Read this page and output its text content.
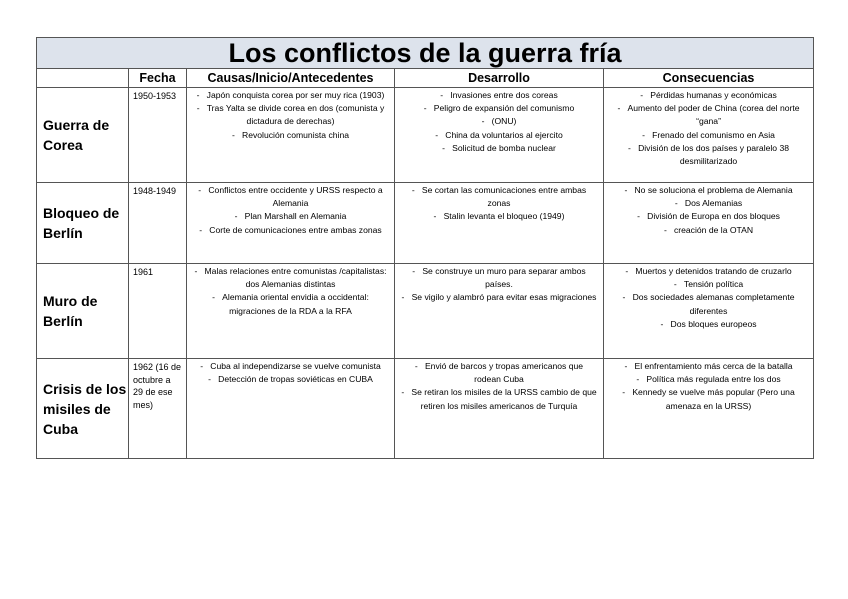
Los conflictos de la guerra fría				
	Fecha	Causas/Inicio/Antecedentes	Desarrollo	Consecuencias
Guerra de Corea	1950-1953	-   Japón conquista corea por ser muy rica (1903)
-   Tras Yalta se divide corea en dos (comunista y dictadura de derechas)
-   Revolución comunista china	-   Invasiones entre dos coreas
-   Peligro de expansión del comunismo
-   (ONU)
-   China da voluntarios al ejercito
-   Solicitud de bomba nuclear	-   Pérdidas humanas y económicas
-   Aumento del poder de China (corea del norte “gana”
-   Frenado del comunismo en Asia
-   División de los dos países y paralelo 38 desmilitarizado

Bloqueo de Berlín	1948-1949	-   Conflictos entre occidente y URSS respecto a Alemania
-   Plan Marshall en Alemania
-   Corte de comunicaciones entre ambas zonas	-   Se cortan las comunicaciones entre ambas zonas
-   Stalin levanta el bloqueo (1949)	-   No se soluciona el problema de Alemania
-   Dos Alemanias
-   División de Europa en dos bloques
-   creación de la OTAN

Muro de Berlín	1961	-   Malas relaciones entre comunistas /capitalistas: dos Alemanias distintas
-   Alemania oriental envidia a occidental: migraciones de la RDA a la RFA	-   Se construye un muro para separar ambos países.
-   Se vigilo y alambró para evitar esas migraciones	-   Muertos y detenidos tratando de cruzarlo
-   Tensión política
-   Dos sociedades alemanas completamente diferentes
-   Dos bloques europeos

Crisis de los misiles de Cuba	1962 (16 de octubre a 29 de ese mes)	-   Cuba al independizarse se vuelve comunista
-   Detección de tropas soviéticas en CUBA	-   Envió de barcos y tropas americanos que rodean Cuba
-   Se retiran los misiles de la URSS cambio de que retiren los misiles americanos de Turquía	-   El enfrentamiento más cerca de la batalla
-   Política más regulada entre los dos
-   Kennedy se vuelve más popular (Pero una amenaza en la URSS)
